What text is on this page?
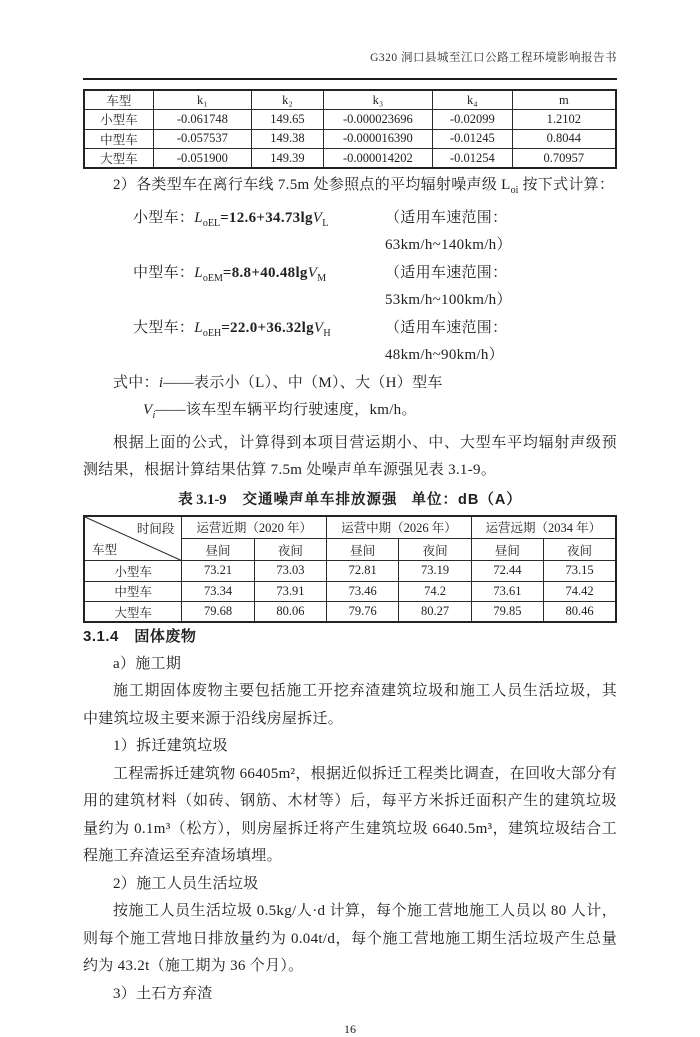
G320 洞口县城至江口公路工程环境影响报告书
车型	k₁	k₂	k₃	k₄	m
小型车	-0.061748	149.65	-0.000023696	-0.02099	1.2102
中型车	-0.057537	149.38	-0.000016390	-0.01245	0.8044
大型车	-0.051900	149.39	-0.000014202	-0.01254	0.70957
2）各类型车在离行车线 7.5m 处参照点的平均辐射噪声级 $L_{oi}$ 按下式计算：
小型车：$L_{oEL}=12.6+34.73\lg V_L$	（适用车速范围：63km/h~140km/h）
中型车：$L_{oEM}=8.8+40.48\lg V_M$	（适用车速范围：53km/h~100km/h）
大型车：$L_{oEH}=22.0+36.32\lg V_H$	（适用车速范围：48km/h~90km/h）
式中：i——表示小（L）、中（M）、大（H）型车
$V_i——$该车型车辆平均行驶速度，km/h。
根据上面的公式，计算得到本项目营运期小、中、大型车平均辐射声级预测结果，根据计算结果估算 7.5m 处噪声单车源强见表 3.1-9。
表 3.1-9 交通噪声单车排放源强 单位：dB（A）
时间段
车型	运营近期（2020 年）		运营中期（2026 年）		运营远期（2034 年）	
	昼间	夜间	昼间	夜间	昼间	夜间
小型车	73.21	73.03	72.81	73.19	72.44	73.15
中型车	73.34	73.91	73.46	74.2	73.61	74.42
大型车	79.68	80.06	79.76	80.27	79.85	80.46
3.1.4　固体废物
a）施工期
施工期固体废物主要包括施工开挖弃渣建筑垃圾和施工人员生活垃圾，其中建筑垃圾主要来源于沿线房屋拆迁。
1）拆迁建筑垃圾
工程需拆迁建筑物 66405m²，根据近似拆迁工程类比调查，在回收大部分有用的建筑材料（如砖、钢筋、木材等）后，每平方米拆迁面积产生的建筑垃圾量约为 0.1m³（松方），则房屋拆迁将产生建筑垃圾 6640.5m³，建筑垃圾结合工程施工弃渣运至弃渣场填埋。
2）施工人员生活垃圾
按施工人员生活垃圾 0.5kg/人·d 计算，每个施工营地施工人员以 80 人计，则每个施工营地日排放量约为 0.04t/d，每个施工营地施工期生活垃圾产生总量约为 43.2t（施工期为 36 个月）。
3）土石方弃渣
16
